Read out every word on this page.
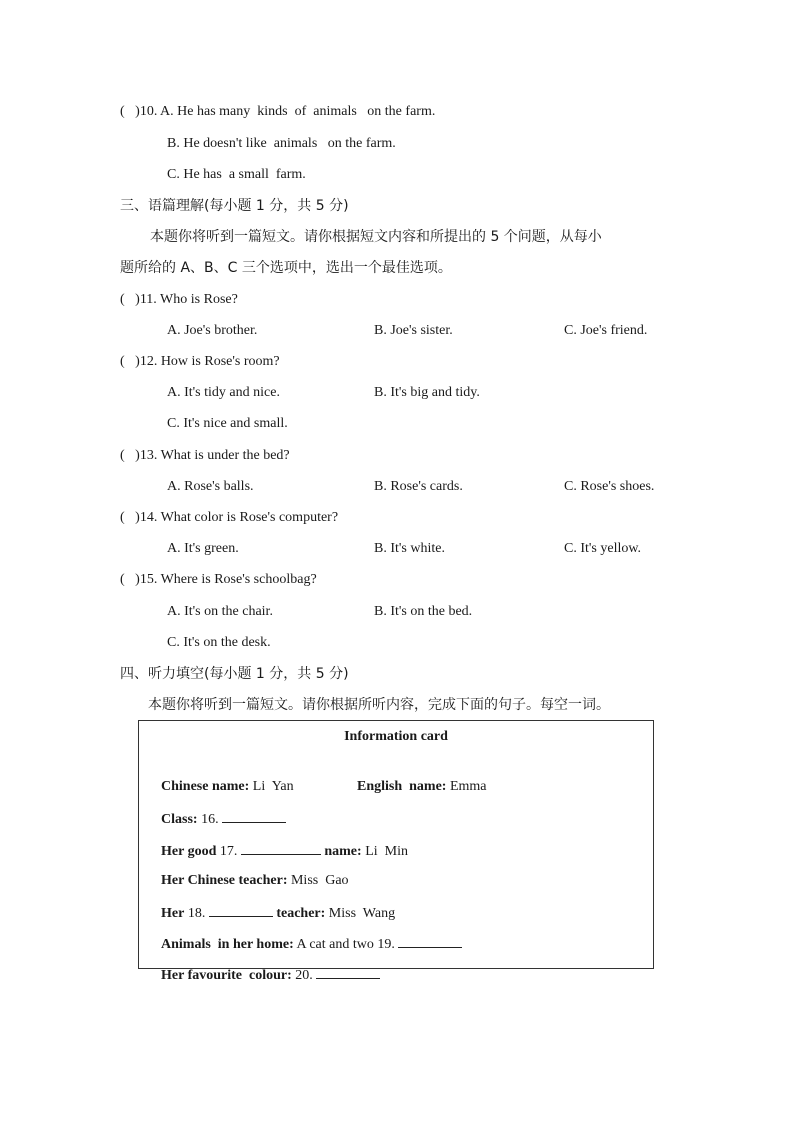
(   )10. A. He has many  kinds  of  animals   on the farm.
B. He doesn't like  animals   on the farm.
C. He has  a small  farm.
三、语篇理解(每小题 1 分，共 5 分)
本题你将听到一篇短文。请你根据短文内容和所提出的 5 个问题，从每小
题所给的 A、B、C 三个选项中，选出一个最佳选项。
(   )11. Who is Rose?
A. Joe's brother.	B. Joe's sister.	C. Joe's friend.
(   )12. How is Rose's room?
A. It's tidy and nice.	B. It's big and tidy.
C. It's nice and small.
(   )13. What is under the bed?
A. Rose's balls.	B. Rose's cards.	C. Rose's shoes.
(   )14. What color is Rose's computer?
A. It's green.	B. It's white.	C. It's yellow.
(   )15. Where is Rose's schoolbag?
A. It's on the chair.	B. It's on the bed.
C. It's on the desk.
四、听力填空(每小题 1 分，共 5 分)
本题你将听到一篇短文。请你根据所听内容，完成下面的句子。每空一词。
Information card

Chinese name: Li  Yan
	English  name: Emma

Class: 16.

Her good 17.	name: Li  Min

Her Chinese teacher: Miss  Gao

Her 18.	teacher: Miss  Wang

Animals  in her home: A cat and two 19.

Her favourite  colour: 20.
